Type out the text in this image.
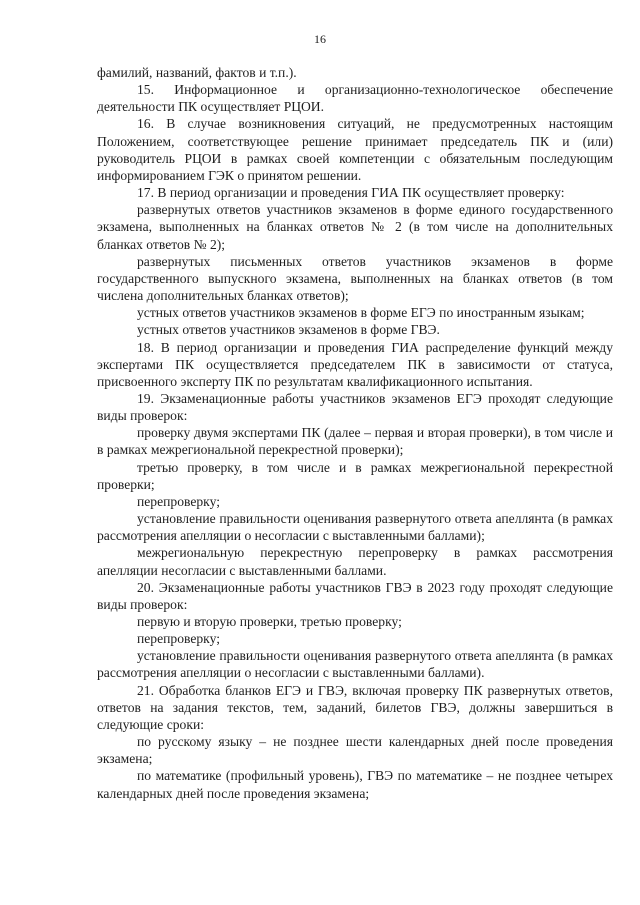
16

фамилий, названий, фактов и т.п.).

15. Информационное и организационно-технологическое обеспечение деятельности ПК осуществляет РЦОИ.

16. В случае возникновения ситуаций, не предусмотренных настоящим Положением, соответствующее решение принимает председатель ПК и (или) руководитель РЦОИ в рамках своей компетенции с обязательным последующим информированием ГЭК о принятом решении.

17. В период организации и проведения ГИА ПК осуществляет проверку:

развернутых ответов участников экзаменов в форме единого государственного экзамена, выполненных на бланках ответов № 2 (в том числе на дополнительных бланках ответов № 2);

развернутых письменных ответов участников экзаменов в форме государственного выпускного экзамена, выполненных на бланках ответов (в том числена дополнительных бланках ответов);

устных ответов участников экзаменов в форме ЕГЭ по иностранным языкам;

устных ответов участников экзаменов в форме ГВЭ.

18. В период организации и проведения ГИА распределение функций между экспертами ПК осуществляется председателем ПК в зависимости от статуса, присвоенного эксперту ПК по результатам квалификационного испытания.

19. Экзаменационные работы участников экзаменов ЕГЭ проходят следующие виды проверок:

проверку двумя экспертами ПК (далее – первая и вторая проверки), в том числе и в рамках межрегиональной перекрестной проверки);

третью проверку, в том числе и в рамках межрегиональной перекрестной проверки;

перепроверку;

установление правильности оценивания развернутого ответа апеллянта (в рамках рассмотрения апелляции о несогласии с выставленными баллами);

межрегиональную перекрестную перепроверку в рамках рассмотрения апелляции несогласии с выставленными баллами.

20. Экзаменационные работы участников ГВЭ в 2023 году проходят следующие виды проверок:

первую и вторую проверки, третью проверку;

перепроверку;

установление правильности оценивания развернутого ответа апеллянта (в рамках рассмотрения апелляции о несогласии с выставленными баллами).

21. Обработка бланков ЕГЭ и ГВЭ, включая проверку ПК развернутых ответов, ответов на задания текстов, тем, заданий, билетов ГВЭ, должны завершиться в следующие сроки:

по русскому языку – не позднее шести календарных дней после проведения экзамена;

по математике (профильный уровень), ГВЭ по математике – не позднее четырех календарных дней после проведения экзамена;
